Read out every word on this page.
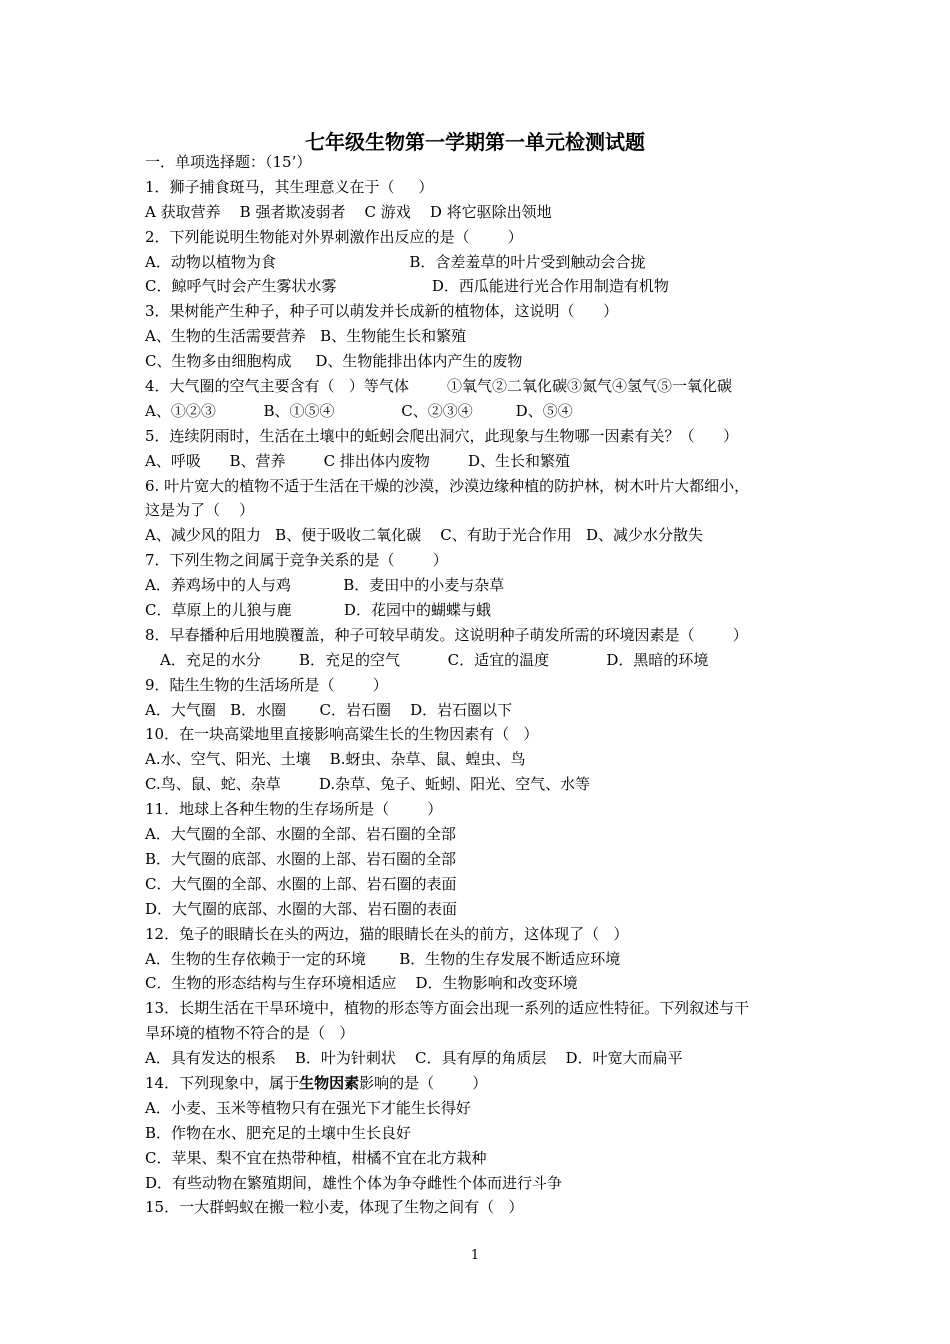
七年级生物第一学期第一单元检测试题
一．单项选择题：（15’）
1．狮子捕食斑马，其生理意义在于（     ）
A 获取营养    B 强者欺凌弱者    C 游戏    D 将它驱除出领地
2．下列能说明生物能对外界刺激作出反应的是（        ）
A．动物以植物为食                            B．含差羞草的叶片受到触动会合拢
C．鲸呼气时会产生雾状水雾                    D．西瓜能进行光合作用制造有机物
3．果树能产生种子，种子可以萌发并长成新的植物体，这说明（      ）
A、生物的生活需要营养   B、生物能生长和繁殖
C、生物多由细胞构成     D、生物能排出体内产生的废物
4．大气圈的空气主要含有（   ）等气体        ①氧气②二氧化碳③氮气④氢气⑤一氧化碳
A、①②③          B、①⑤④              C、②③④         D、⑤④
5．连续阴雨时，生活在土壤中的蚯蚓会爬出洞穴，此现象与生物哪一因素有关？（      ）
A、呼吸      B、营养        C 排出体内废物        D、生长和繁殖
6. 叶片宽大的植物不适于生活在干燥的沙漠，沙漠边缘种植的防护林，树木叶片大都细小，
这是为了（    ）
A、减少风的阻力   B、便于吸收二氧化碳    C、有助于光合作用   D、减少水分散失
7．下列生物之间属于竞争关系的是（        ）
A．养鸡场中的人与鸡           B．麦田中的小麦与杂草
C．草原上的儿狼与鹿           D．花园中的蝴蝶与蛾
8．早春播种后用地膜覆盖，种子可较早萌发。这说明种子萌发所需的环境因素是（        ）
A．充足的水分        B．充足的空气          C．适宜的温度            D．黑暗的环境
9．陆生生物的生活场所是（        ）
A．大气圈   B．水圈       C．岩石圈    D．岩石圈以下
10．在一块高粱地里直接影响高粱生长的生物因素有（   ）
A.水、空气、阳光、土壤    B.蚜虫、杂草、鼠、蝗虫、鸟
C.鸟、鼠、蛇、杂草        D.杂草、兔子、蚯蚓、阳光、空气、水等
11．地球上各种生物的生存场所是（        ）
A．大气圈的全部、水圈的全部、岩石圈的全部
B．大气圈的底部、水圈的上部、岩石圈的全部
C．大气圈的全部、水圈的上部、岩石圈的表面
D．大气圈的底部、水圈的大部、岩石圈的表面
12．兔子的眼睛长在头的两边，猫的眼睛长在头的前方，这体现了（   ）
A．生物的生存依赖于一定的环境       B．生物的生存发展不断适应环境
C．生物的形态结构与生存环境相适应    D．生物影响和改变环境
13．长期生活在干旱环境中，植物的形态等方面会出现一系列的适应性特征。下列叙述与干
旱环境的植物不符合的是（   ）
A．具有发达的根系    B．叶为针刺状    C．具有厚的角质层    D．叶宽大而扁平
14．下列现象中，属于生物因素影响的是（        ）
A．小麦、玉米等植物只有在强光下才能生长得好
B．作物在水、肥充足的土壤中生长良好
C．苹果、梨不宜在热带种植，柑橘不宜在北方栽种
D．有些动物在繁殖期间，雄性个体为争夺雌性个体而进行斗争
15．一大群蚂蚁在搬一粒小麦，体现了生物之间有（   ）
1
